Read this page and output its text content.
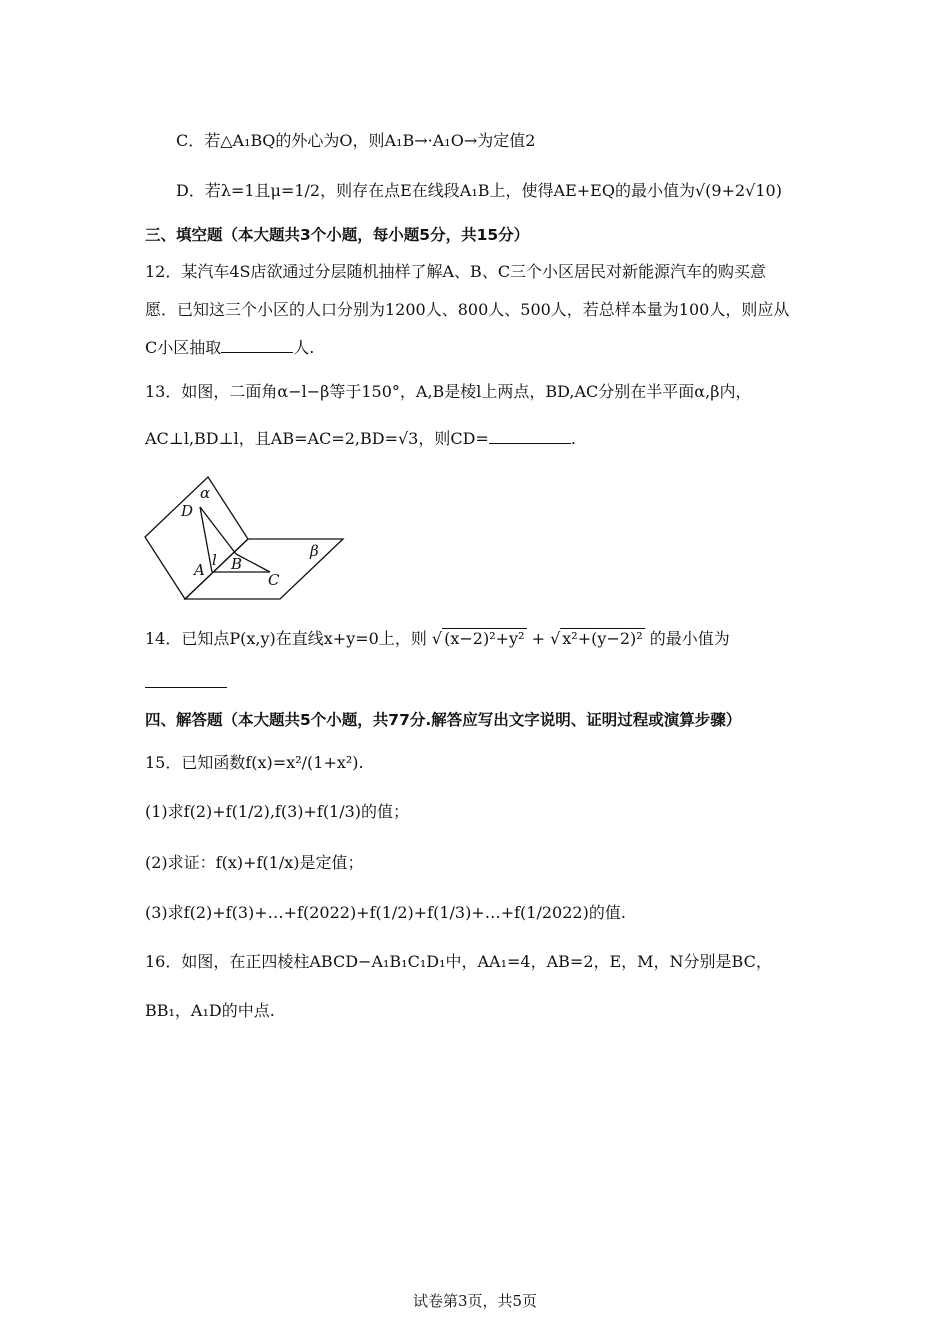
C．若△A₁BQ的外心为O，则A₁B→·A₁O→为定值2
D．若λ=1且μ=1/2，则存在点E在线段A₁B上，使得AE+EQ的最小值为√(9+2√10)
三、填空题（本大题共3个小题，每小题5分，共15分）
12．某汽车4S店欲通过分层随机抽样了解A、B、C三个小区居民对新能源汽车的购买意
愿．已知这三个小区的人口分别为1200人、800人、500人，若总样本量为100人，则应从
C小区抽取	人.
13．如图，二面角α−l−β等于150°，A,B是棱l上两点，BD,AC分别在半平面α,β内，
AC⊥l,BD⊥l，且AB=AC=2,BD=√3，则CD=	.
α
β
D
l
A B
C
14．已知点P(x,y)在直线x+y=0上，则 √ (x−2)²+y² + √ x²+(y−2)² 的最小值为
四、解答题（本大题共5个小题，共77分.解答应写出文字说明、证明过程或演算步骤）
15．已知函数f(x)=x²/(1+x²).
(1)求f(2)+f(1/2),f(3)+f(1/3)的值；
(2)求证：f(x)+f(1/x)是定值；
(3)求f(2)+f(3)+…+f(2022)+f(1/2)+f(1/3)+…+f(1/2022)的值.
16．如图，在正四棱柱ABCD−A₁B₁C₁D₁中，AA₁=4，AB=2，E，M，N分别是BC，
BB₁，A₁D的中点.
试卷第3页，共5页
